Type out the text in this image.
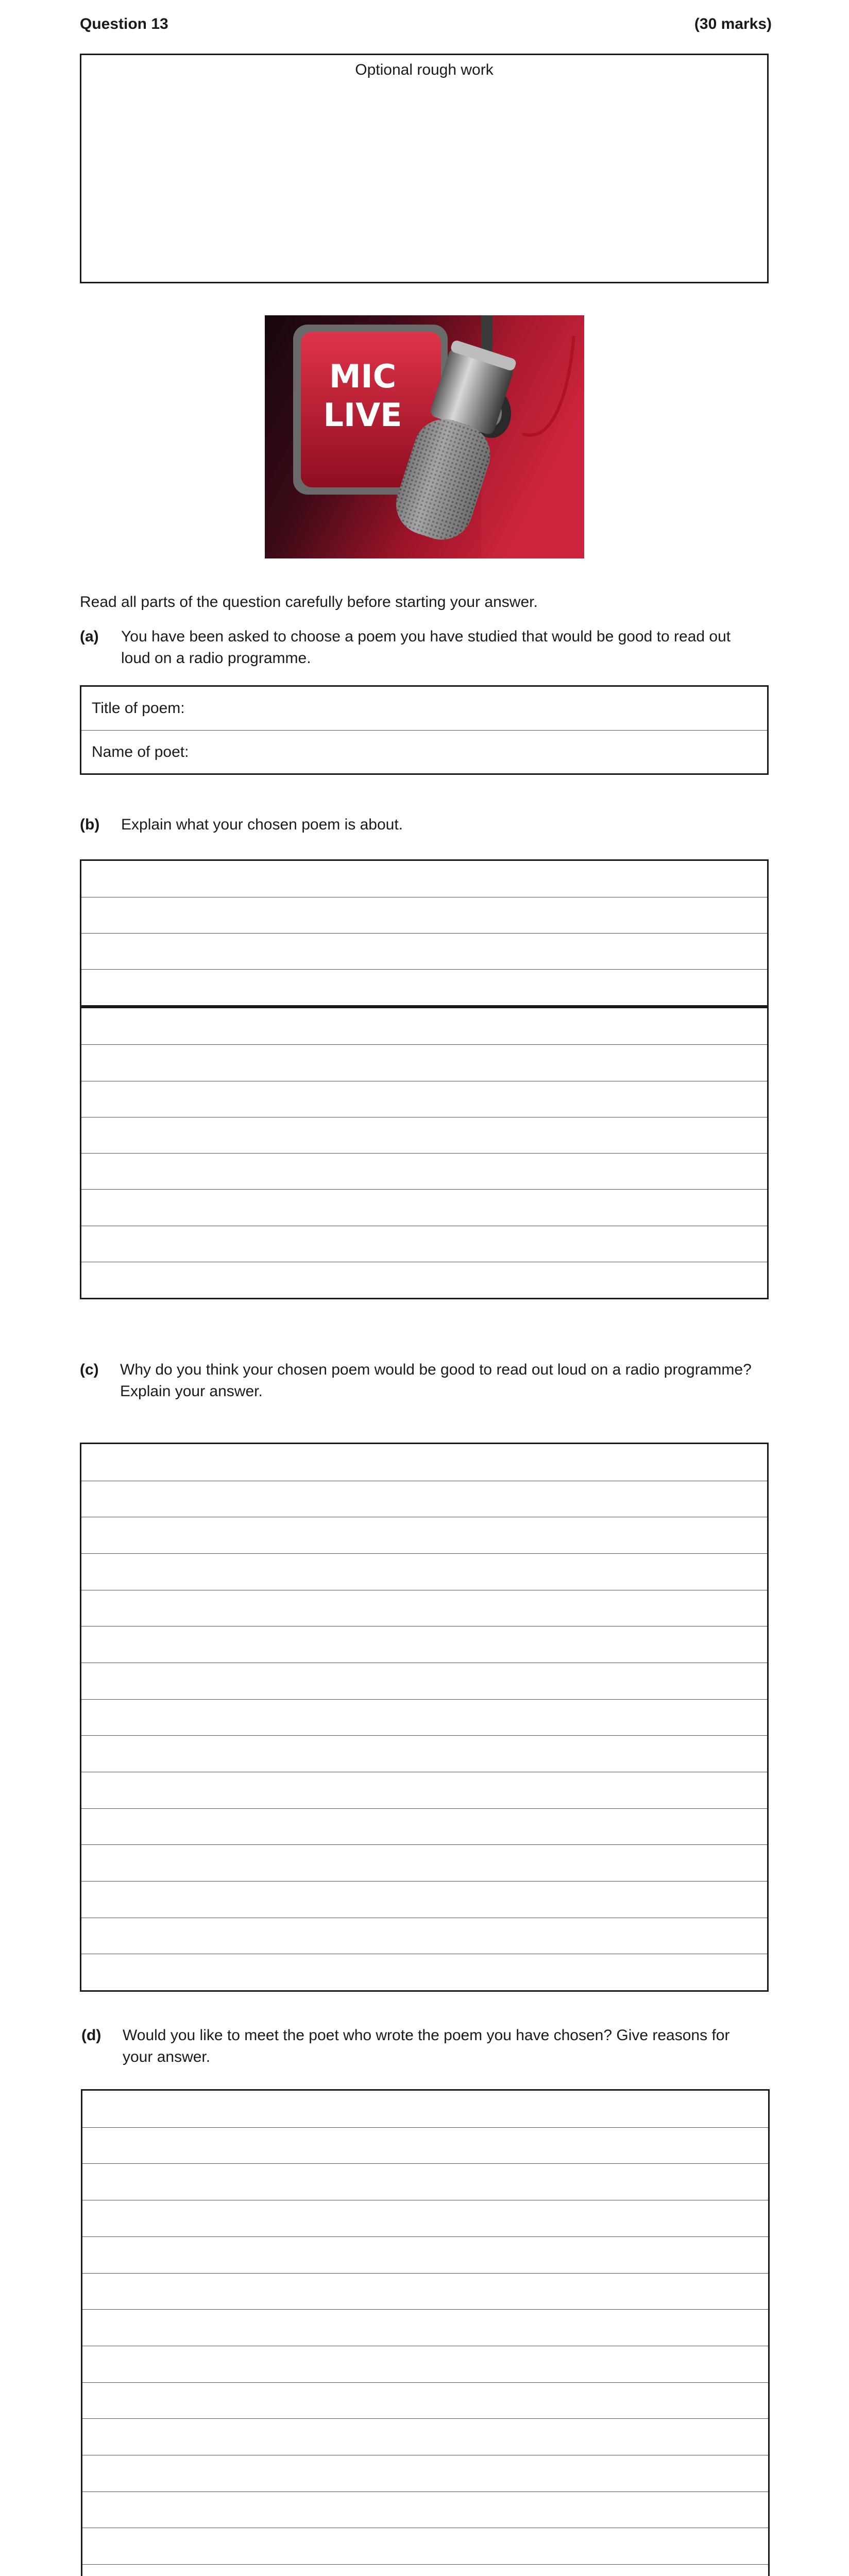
Question 13	(30 marks)
Optional rough work
MIC
LIVE
Read all parts of the question carefully before starting your answer.
(a) You have been asked to choose a poem you have studied that would be good to read out loud on a radio programme.
Title of poem:
Name of poet:
(b) Explain what your chosen poem is about.
(c) Why do you think your chosen poem would be good to read out loud on a radio programme? Explain your answer.
(d) Would you like to meet the poet who wrote the poem you have chosen? Give reasons for your answer.
